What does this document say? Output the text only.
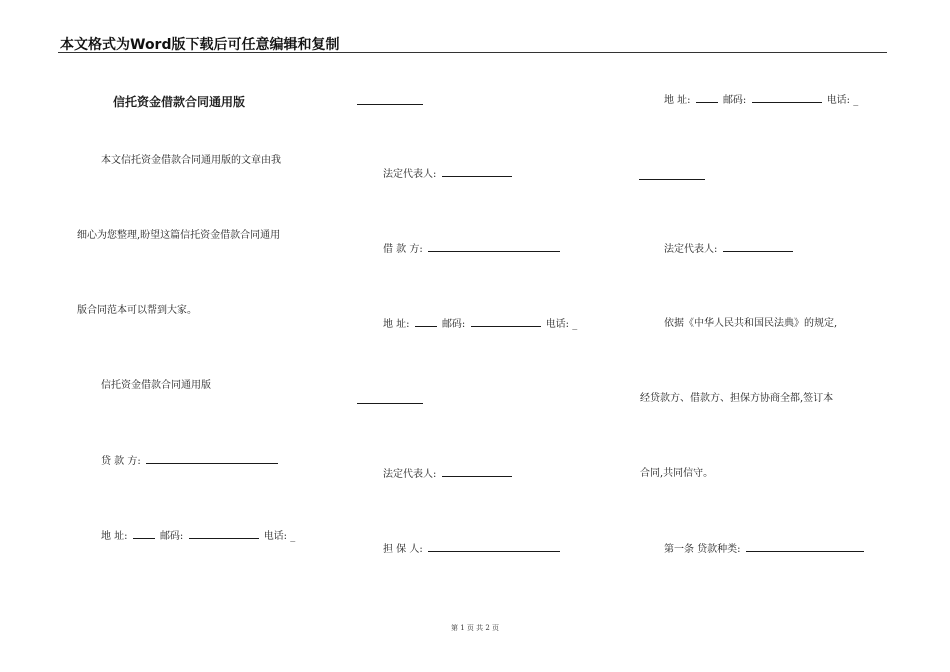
本文格式为Word版下载后可任意编辑和复制
信托资金借款合同通用版
本文信托资金借款合同通用版的文章由我
细心为您整理,盼望这篇信托资金借款合同通用
版合同范本可以帮到大家。
信托资金借款合同通用版
贷 款 方:
地 址:	邮码:	电话: _
法定代表人:
借 款 方:
地 址:	邮码:	电话: _
法定代表人:
担 保 人:
地 址:	邮码:	电话: _
法定代表人:
依据《中华人民共和国民法典》的规定,
经贷款方、借款方、担保方协商全都,签订本
合同,共同信守。
第一条 贷款种类:
第 1 页 共 2 页
